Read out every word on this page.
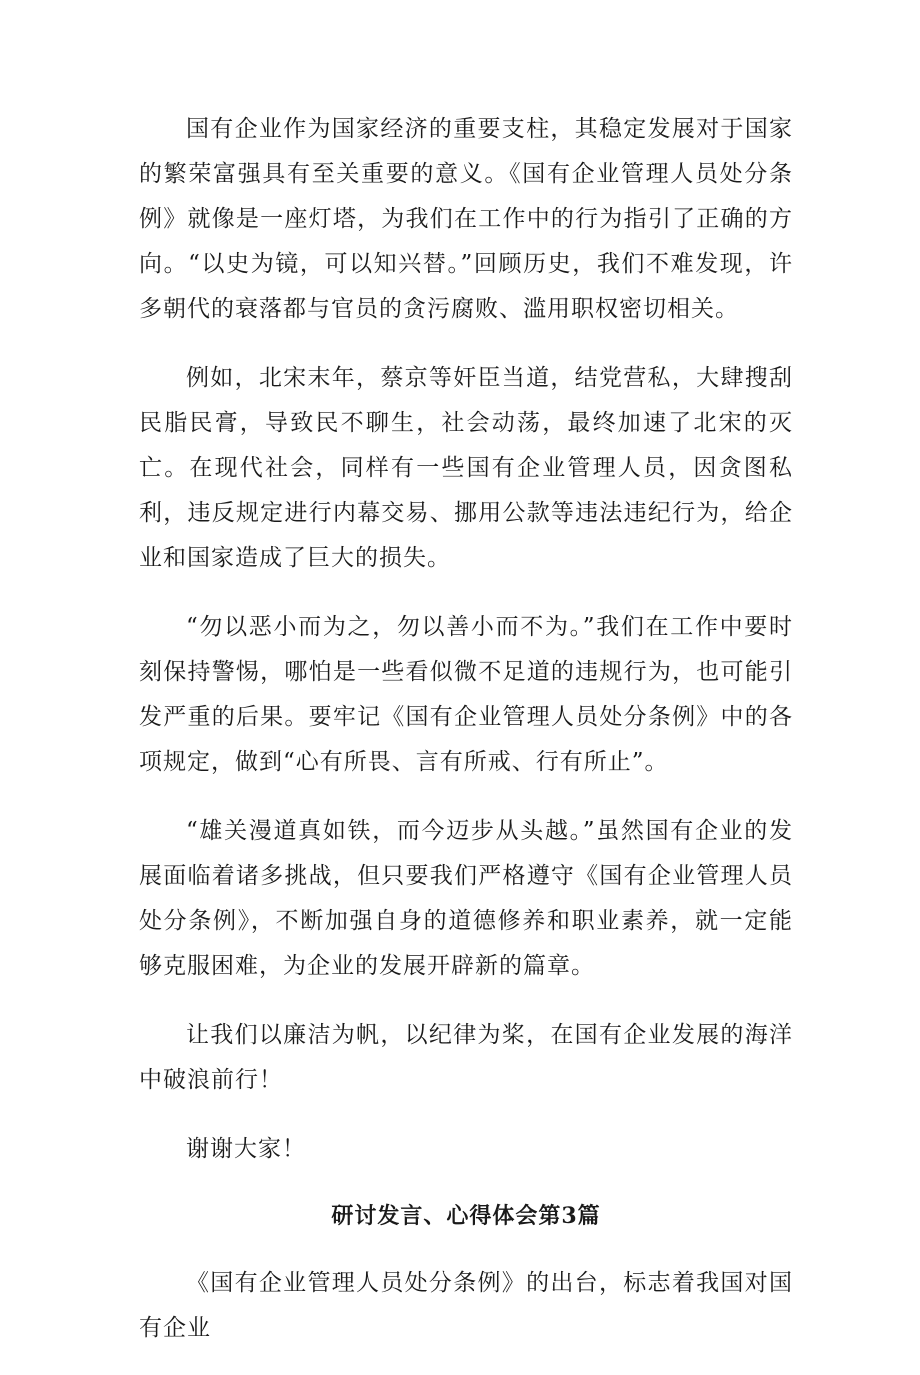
国有企业作为国家经济的重要支柱，其稳定发展对于国家的繁荣富强具有至关重要的意义。《国有企业管理人员处分条例》就像是一座灯塔，为我们在工作中的行为指引了正确的方向。“以史为镜，可以知兴替。”回顾历史，我们不难发现，许多朝代的衰落都与官员的贪污腐败、滥用职权密切相关。

例如，北宋末年，蔡京等奸臣当道，结党营私，大肆搜刮民脂民膏，导致民不聊生，社会动荡，最终加速了北宋的灭亡。在现代社会，同样有一些国有企业管理人员，因贪图私利，违反规定进行内幕交易、挪用公款等违法违纪行为，给企业和国家造成了巨大的损失。

“勿以恶小而为之，勿以善小而不为。”我们在工作中要时刻保持警惕，哪怕是一些看似微不足道的违规行为，也可能引发严重的后果。要牢记《国有企业管理人员处分条例》中的各项规定，做到“心有所畏、言有所戒、行有所止”。

“雄关漫道真如铁，而今迈步从头越。”虽然国有企业的发展面临着诸多挑战，但只要我们严格遵守《国有企业管理人员处分条例》，不断加强自身的道德修养和职业素养，就一定能够克服困难，为企业的发展开辟新的篇章。

让我们以廉洁为帆，以纪律为桨，在国有企业发展的海洋中破浪前行！

谢谢大家！

研讨发言、心得体会第3篇

《国有企业管理人员处分条例》的出台，标志着我国对国有企业
